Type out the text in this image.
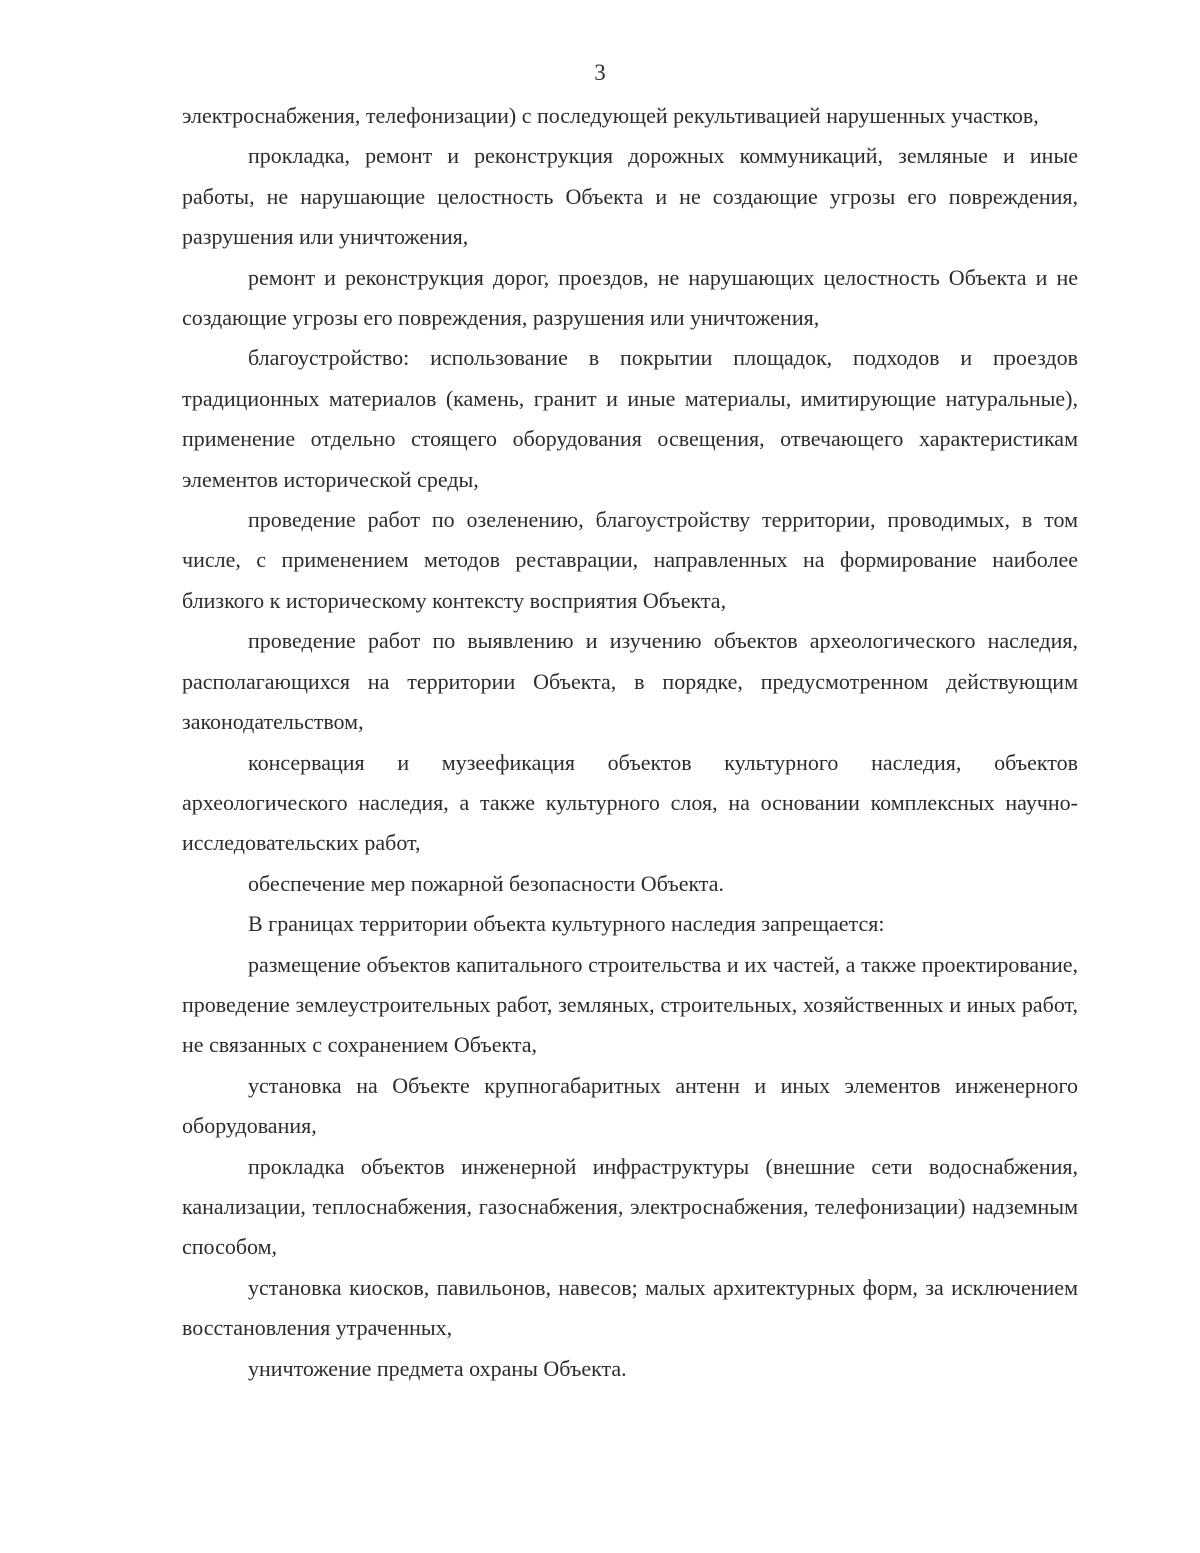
3

электроснабжения, телефонизации) с последующей рекультивацией нарушенных участков,

прокладка, ремонт и реконструкция дорожных коммуникаций, земляные и иные работы, не нарушающие целостность Объекта и не создающие угрозы его повреждения, разрушения или уничтожения,

ремонт и реконструкция дорог, проездов, не нарушающих целостность Объекта и не создающие угрозы его повреждения, разрушения или уничтожения,

благоустройство: использование в покрытии площадок, подходов и проездов традиционных материалов (камень, гранит и иные материалы, имитирующие натуральные), применение отдельно стоящего оборудования освещения, отвечающего характеристикам элементов исторической среды,

проведение работ по озеленению, благоустройству территории, проводимых, в том числе, с применением методов реставрации, направленных на формирование наиболее близкого к историческому контексту восприятия Объекта,

проведение работ по выявлению и изучению объектов археологического наследия, располагающихся на территории Объекта, в порядке, предусмотренном действующим законодательством,

консервация и музеефикация объектов культурного наследия, объектов археологического наследия, а также культурного слоя, на основании комплексных научно-исследовательских работ,

обеспечение мер пожарной безопасности Объекта.

В границах территории объекта культурного наследия запрещается:

размещение объектов капитального строительства и их частей, а также проектирование, проведение землеустроительных работ, земляных, строительных, хозяйственных и иных работ, не связанных с сохранением Объекта,

установка на Объекте крупногабаритных антенн и иных элементов инженерного оборудования,

прокладка объектов инженерной инфраструктуры (внешние сети водоснабжения, канализации, теплоснабжения, газоснабжения, электроснабжения, телефонизации) надземным способом,

установка киосков, павильонов, навесов; малых архитектурных форм, за исключением восстановления утраченных,

уничтожение предмета охраны Объекта.
